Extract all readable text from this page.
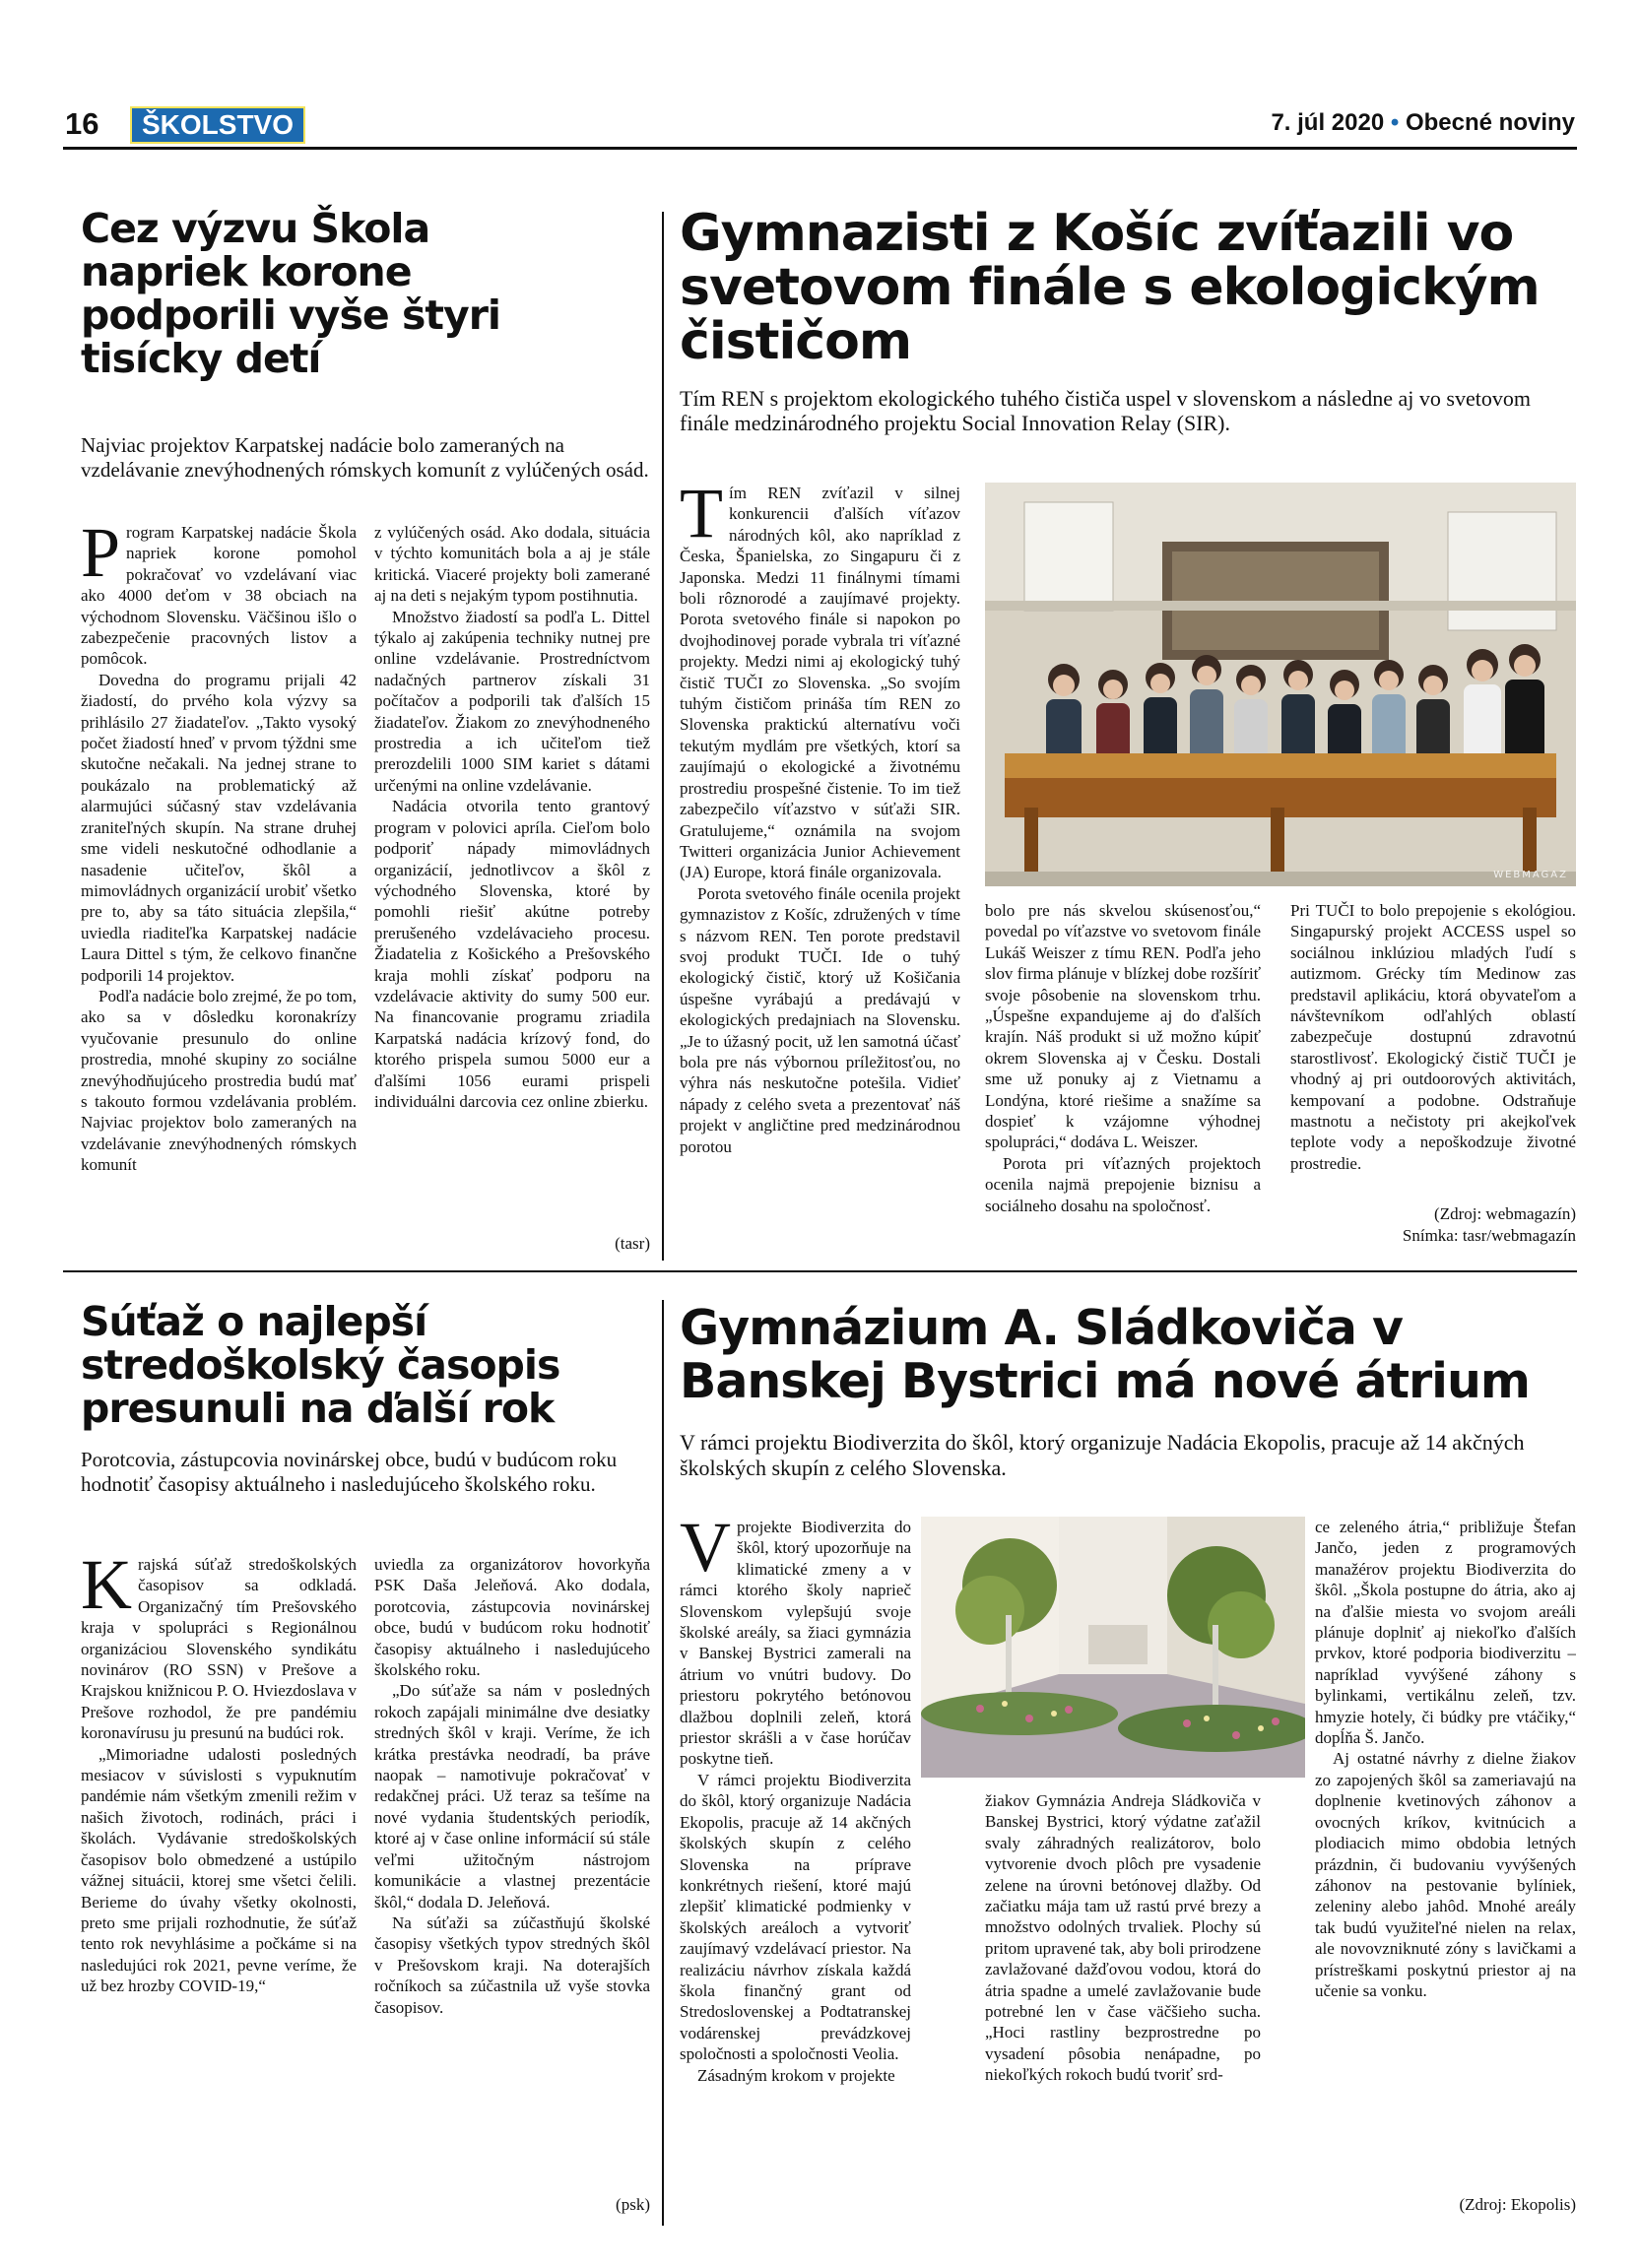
16	ŠKOLSTVO	7. júl 2020 • Obecné noviny
Cez výzvu Škola napriek korone podporili vyše štyri tisícky detí

Najviac projektov Karpatskej nadácie bolo zameraných na vzdelávanie znevýhodnených rómskych komunít z vylúčených osád.

Program Karpatskej nadácie Škola napriek korone pomohol pokračovať vo vzdelávaní viac ako 4000 deťom v 38 obciach na východnom Slovensku. Väčšinou išlo o zabezpečenie pracovných listov a pomôcok.

Dovedna do programu prijali 42 žiadostí, do prvého kola výzvy sa prihlásilo 27 žiadateľov. „Takto vysoký počet žiadostí hneď v prvom týždni sme skutočne nečakali. Na jednej strane to poukázalo na problematický až alarmujúci súčasný stav vzdelávania zraniteľných skupín. Na strane druhej sme videli neskutočné odhodlanie a nasadenie učiteľov, škôl a mimovládnych organizácií urobiť všetko pre to, aby sa táto situácia zlepšila,“ uviedla riaditeľka Karpatskej nadácie Laura Dittel s tým, že celkovo finančne podporili 14 projektov.

Podľa nadácie bolo zrejmé, že po tom, ako sa v dôsledku koronakrízy vyučovanie presunulo do online prostredia, mnohé skupiny zo sociálne znevýhodňujúceho prostredia budú mať s takouto formou vzdelávania problém. Najviac projektov bolo zameraných na vzdelávanie znevýhodnených rómskych komunít

z vylúčených osád. Ako dodala, situácia v týchto komunitách bola a aj je stále kritická. Viaceré projekty boli zamerané aj na deti s nejakým typom postihnutia.

Množstvo žiadostí sa podľa L. Dittel týkalo aj zakúpenia techniky nutnej pre online vzdelávanie. Prostredníctvom nadačných partnerov získali 31 počítačov a podporili tak ďalších 15 žiadateľov. Žiakom zo znevýhodneného prostredia a ich učiteľom tiež prerozdelili 1000 SIM kariet s dátami určenými na online vzdelávanie.

Nadácia otvorila tento grantový program v polovici apríla. Cieľom bolo podporiť nápady mimovládnych organizácií, jednotlivcov a škôl z východného Slovenska, ktoré by pomohli riešiť akútne potreby prerušeného vzdelávacieho procesu. Žiadatelia z Košického a Prešovského kraja mohli získať podporu na vzdelávacie aktivity do sumy 500 eur. Na financovanie programu zriadila Karpatská nadácia krízový fond, do ktorého prispela sumou 5000 eur a ďalšími 1056 eurami prispeli individuálni darcovia cez online zbierku.

(tasr)
Gymnazisti z Košíc zvíťazili vo svetovom finále s ekologickým čističom

Tím REN s projektom ekologického tuhého čističa uspel v slovenskom a následne aj vo svetovom finále medzinárodného projektu Social Innovation Relay (SIR).

Tím REN zvíťazil v silnej konkurencii ďalších víťazov národných kôl, ako napríklad z Česka, Španielska, zo Singapuru či z Japonska. Medzi 11 finálnymi tímami boli rôznorodé a zaujímavé projekty. Porota svetového finále si napokon po dvojhodinovej porade vybrala tri víťazné projekty. Medzi nimi aj ekologický tuhý čistič TUČI zo Slovenska. „So svojím tuhým čističom prináša tím REN zo Slovenska praktickú alternatívu voči tekutým mydlám pre všetkých, ktorí sa zaujímajú o ekologické a životnému prostrediu prospešné čistenie. To im tiež zabezpečilo víťazstvo v súťaži SIR. Gratulujeme,“ oznámila na svojom Twitteri organizácia Junior Achievement (JA) Europe, ktorá finále organizovala.

Porota svetového finále ocenila projekt gymnazistov z Košíc, združených v tíme s názvom REN. Ten porote predstavil svoj produkt TUČI. Ide o tuhý ekologický čistič, ktorý už Košičania úspešne vyrábajú a predávajú v ekologických predajniach na Slovensku. „Je to úžasný pocit, už len samotná účasť bola pre nás výbornou príležitosťou, no výhra nás neskutočne potešila. Vidieť nápady z celého sveta a prezentovať náš projekt v angličtine pred medzinárodnou porotou

WEBMAGAZ

bolo pre nás skvelou skúsenosťou,“ povedal po víťazstve vo svetovom finále Lukáš Weiszer z tímu REN. Podľa jeho slov firma plánuje v blízkej dobe rozšíriť svoje pôsobenie na slovenskom trhu. „Úspešne expandujeme aj do ďalších krajín. Náš produkt si už možno kúpiť okrem Slovenska aj v Česku. Dostali sme už ponuky aj z Vietnamu a Londýna, ktoré riešime a snažíme sa dospieť k vzájomne výhodnej spolupráci,“ dodáva L. Weiszer.

Porota pri víťazných projektoch ocenila najmä prepojenie biznisu a sociálneho dosahu na spoločnosť.

Pri TUČI to bolo prepojenie s ekológiou. Singapurský projekt ACCESS uspel so sociálnou inklúziou mladých ľudí s autizmom. Grécky tím Medinow zas predstavil aplikáciu, ktorá obyvateľom a návštevníkom odľahlých oblastí zabezpečuje dostupnú zdravotnú starostlivosť. Ekologický čistič TUČI je vhodný aj pri outdoorových aktivitách, kempovaní a podobne. Odstraňuje mastnotu a nečistoty pri akejkoľvek teplote vody a nepoškodzuje životné prostredie.

(Zdroj: webmagazín)
Snímka: tasr/webmagazín
Súťaž o najlepší stredoškolský časopis presunuli na ďalší rok

Porotcovia, zástupcovia novinárskej obce, budú v budúcom roku hodnotiť časopisy aktuálneho i nasledujúceho školského roku.

Krajská súťaž stredoškolských časopisov sa odkladá. Organizačný tím Prešovského kraja v spolupráci s Regionálnou organizáciou Slovenského syndikátu novinárov (RO SSN) v Prešove a Krajskou knižnicou P. O. Hviezdoslava v Prešove rozhodol, že pre pandémiu koronavírusu ju presunú na budúci rok.

„Mimoriadne udalosti posledných mesiacov v súvislosti s vypuknutím pandémie nám všetkým zmenili režim v našich životoch, rodinách, práci i školách. Vydávanie stredoškolských časopisov bolo obmedzené a ustúpilo vážnej situácii, ktorej sme všetci čelili. Berieme do úvahy všetky okolnosti, preto sme prijali rozhodnutie, že súťaž tento rok nevyhlásime a počkáme si na nasledujúci rok 2021, pevne veríme, že už bez hrozby COVID-19,“

uviedla za organizátorov hovorkyňa PSK Daša Jeleňová. Ako dodala, porotcovia, zástupcovia novinárskej obce, budú v budúcom roku hodnotiť časopisy aktuálneho i nasledujúceho školského roku.

„Do súťaže sa nám v posledných rokoch zapájali minimálne dve desiatky stredných škôl v kraji. Veríme, že ich krátka prestávka neodradí, ba práve naopak – namotivuje pokračovať v redakčnej práci. Už teraz sa tešíme na nové vydania študentských periodík, ktoré aj v čase online informácií sú stále veľmi užitočným nástrojom komunikácie a vlastnej prezentácie škôl,“ dodala D. Jeleňová.

Na súťaži sa zúčastňujú školské časopisy všetkých typov stredných škôl v Prešovskom kraji. Na doterajších ročníkoch sa zúčastnila už vyše stovka časopisov.

(psk)
Gymnázium A. Sládkoviča v Banskej Bystrici má nové átrium

V rámci projektu Biodiverzita do škôl, ktorý organizuje Nadácia Ekopolis, pracuje až 14 akčných školských skupín z celého Slovenska.

Vprojekte Biodiverzita do škôl, ktorý upozorňuje na klimatické zmeny a v rámci ktorého školy naprieč Slovenskom vylepšujú svoje školské areály, sa žiaci gymnázia v Banskej Bystrici zamerali na átrium vo vnútri budovy. Do priestoru pokrytého betónovou dlažbou doplnili zeleň, ktorá priestor skrášli a v čase horúčav poskytne tieň.

V rámci projektu Biodiverzita do škôl, ktorý organizuje Nadácia Ekopolis, pracuje až 14 akčných školských skupín z celého Slovenska na príprave konkrétnych riešení, ktoré majú zlepšiť klimatické podmienky v školských areáloch a vytvoriť zaujímavý vzdelávací priestor. Na realizáciu návrhov získala každá škola finančný grant od Stredoslovenskej a Podtatranskej vodárenskej prevádzkovej spoločnosti a spoločnosti Veolia.

Zásadným krokom v projekte

žiakov Gymnázia Andreja Sládkoviča v Banskej Bystrici, ktorý výdatne zaťažil svaly záhradných realizátorov, bolo vytvorenie dvoch plôch pre vysadenie zelene na úrovni betónovej dlažby. Od začiatku mája tam už rastú prvé brezy a množstvo odolných trvaliek. Plochy sú pritom upravené tak, aby boli prirodzene zavlažované dažďovou vodou, ktorá do átria spadne a umelé zavlažovanie bude potrebné len v čase väčšieho sucha. „Hoci rastliny bezprostredne po vysadení pôsobia nenápadne, po niekoľkých rokoch budú tvoriť srd-

ce zeleného átria,“ približuje Štefan Jančo, jeden z programových manažérov projektu Biodiverzita do škôl. „Škola postupne do átria, ako aj na ďalšie miesta vo svojom areáli plánuje doplniť aj niekoľko ďalších prvkov, ktoré podporia biodiverzitu – napríklad vyvýšené záhony s bylinkami, vertikálnu zeleň, tzv. hmyzie hotely, či búdky pre vtáčiky,“ dopĺňa Š. Jančo.

Aj ostatné návrhy z dielne žiakov zo zapojených škôl sa zameriavajú na doplnenie kvetinových záhonov a ovocných kríkov, kvitnúcich a plodiacich mimo obdobia letných prázdnin, či budovaniu vyvýšených záhonov na pestovanie bylíniek, zeleniny alebo jahôd. Mnohé areály tak budú využiteľné nielen na relax, ale novovzniknuté zóny s lavičkami a prístreškami poskytnú priestor aj na učenie sa vonku.

(Zdroj: Ekopolis)
